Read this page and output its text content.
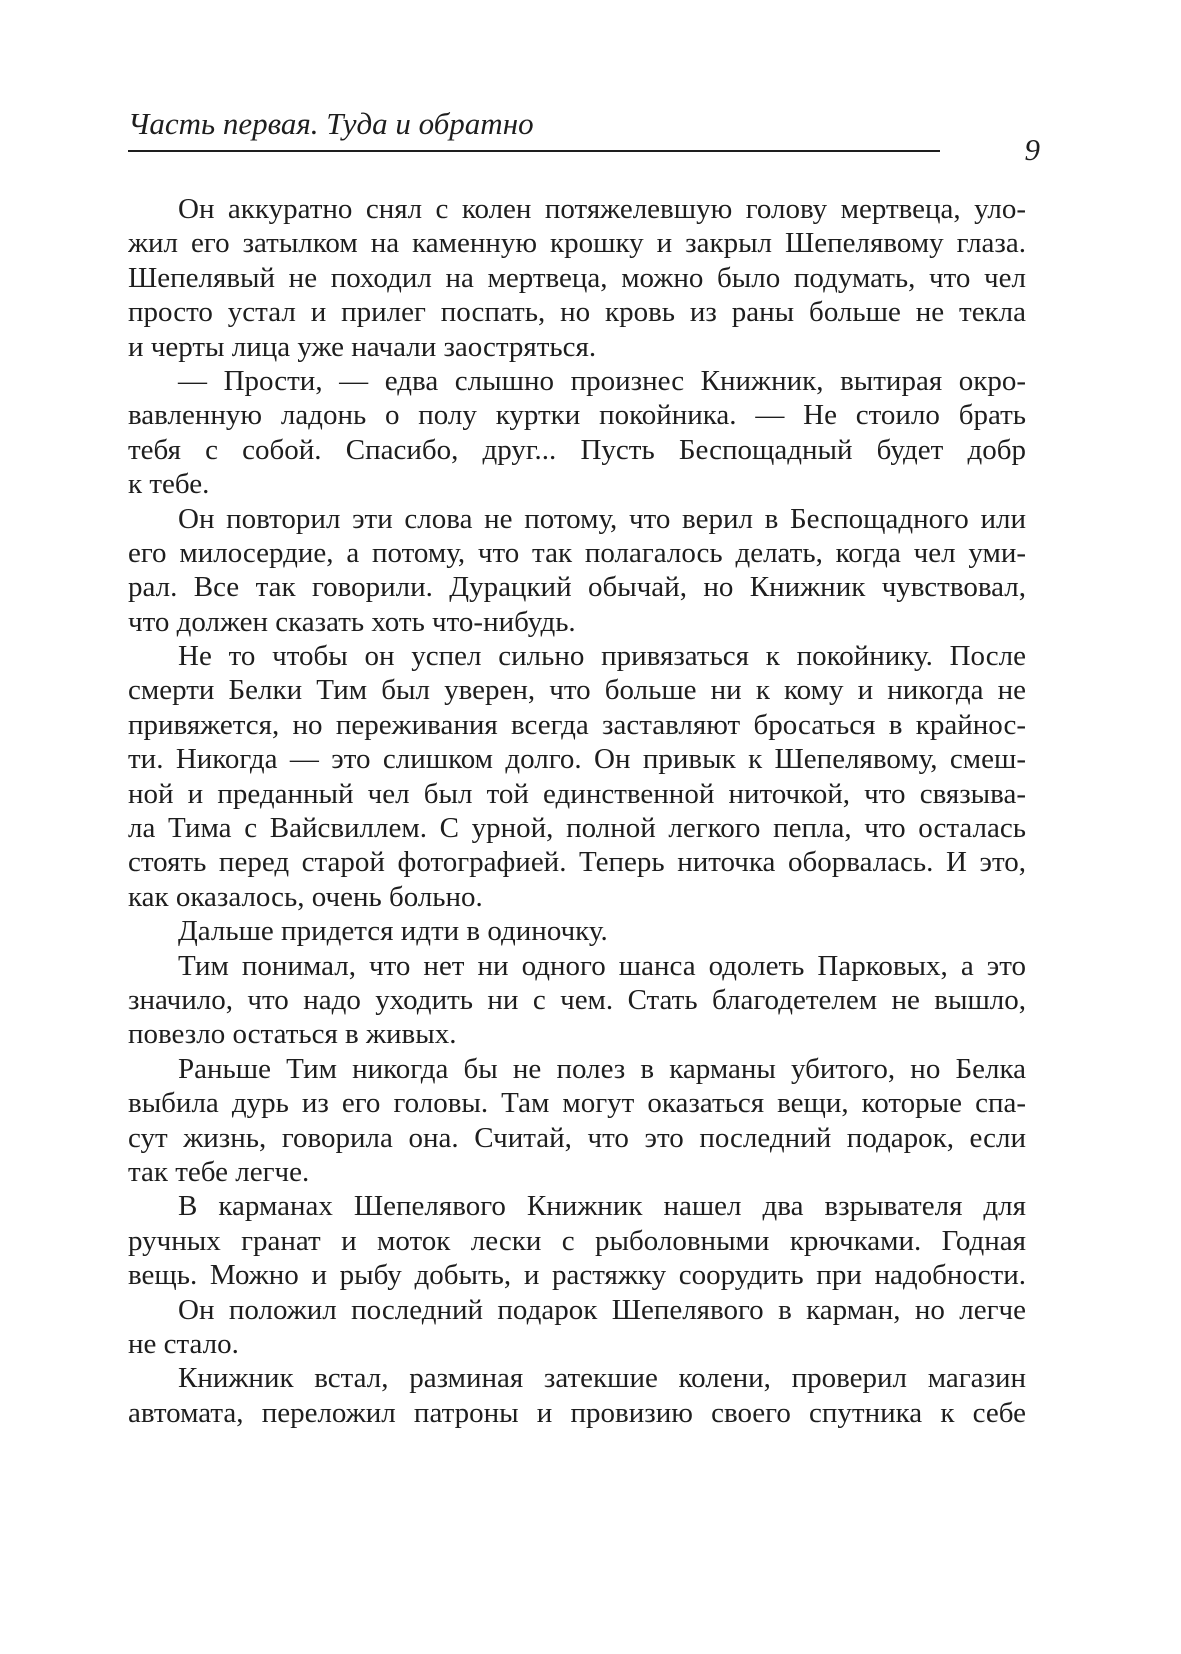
Часть первая. Туда и обратно
9
Он аккуратно снял с колен потяжелевшую голову мертвеца, уло-
жил его затылком на каменную крошку и закрыл Шепелявому глаза.
Шепелявый не походил на мертвеца, можно было подумать, что чел
просто устал и прилег поспать, но кровь из раны больше не текла
и черты лица уже начали заостряться.
— Прости, — едва слышно произнес Книжник, вытирая окро-
вавленную ладонь о полу куртки покойника. — Не стоило брать
тебя с собой. Спасибо, друг... Пусть Беспощадный будет добр
к тебе.
Он повторил эти слова не потому, что верил в Беспощадного или
его милосердие, а потому, что так полагалось делать, когда чел уми-
рал. Все так говорили. Дурацкий обычай, но Книжник чувствовал,
что должен сказать хоть что-нибудь.
Не то чтобы он успел сильно привязаться к покойнику. После
смерти Белки Тим был уверен, что больше ни к кому и никогда не
привяжется, но переживания всегда заставляют бросаться в крайнос-
ти. Никогда — это слишком долго. Он привык к Шепелявому, смеш-
ной и преданный чел был той единственной ниточкой, что связыва-
ла Тима с Вайсвиллем. С урной, полной легкого пепла, что осталась
стоять перед старой фотографией. Теперь ниточка оборвалась. И это,
как оказалось, очень больно.
Дальше придется идти в одиночку.
Тим понимал, что нет ни одного шанса одолеть Парковых, а это
значило, что надо уходить ни с чем. Стать благодетелем не вышло,
повезло остаться в живых.
Раньше Тим никогда бы не полез в карманы убитого, но Белка
выбила дурь из его головы. Там могут оказаться вещи, которые спа-
сут жизнь, говорила она. Считай, что это последний подарок, если
так тебе легче.
В карманах Шепелявого Книжник нашел два взрывателя для
ручных гранат и моток лески с рыболовными крючками. Годная
вещь. Можно и рыбу добыть, и растяжку соорудить при надобности.
Он положил последний подарок Шепелявого в карман, но легче
не стало.
Книжник встал, разминая затекшие колени, проверил магазин
автомата, переложил патроны и провизию своего спутника к себе
